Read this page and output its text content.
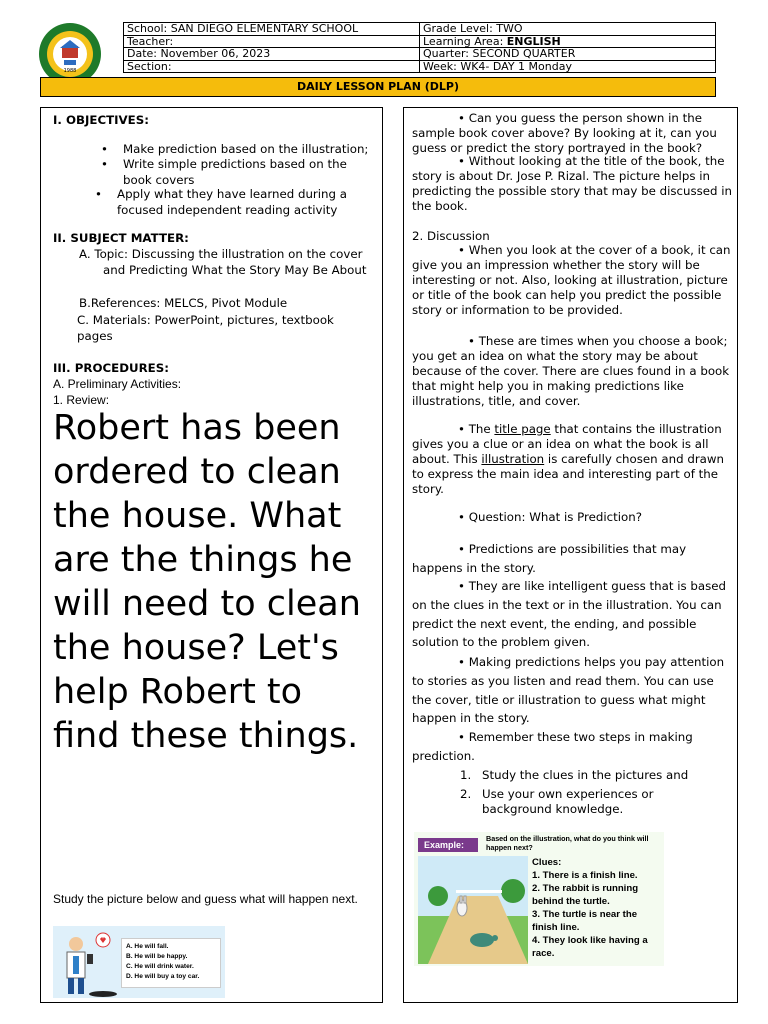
1988
School: SAN DIEGO ELEMENTARY SCHOOL	Grade Level: TWO
Teacher:	Learning Area: ENGLISH
Date: November 06, 2023	Quarter: SECOND QUARTER
Section:	Week: WK4- DAY 1 Monday
DAILY LESSON PLAN (DLP)
I. OBJECTIVES:
• Make prediction based on the illustration;
• Write simple predictions based on the book covers
• Apply what they have learned during a focused independent reading activity
II. SUBJECT MATTER:
A. Topic: Discussing the illustration on the cover and Predicting What the Story May Be About
B.References: MELCS, Pivot Module
C. Materials: PowerPoint, pictures, textbook pages
III. PROCEDURES:
A. Preliminary Activities:
1. Review:
Robert has been ordered to clean the house. What are the things he will need to clean the house? Let's help Robert to find these things.
Study the picture below and guess what will happen next.
A. He will fall.
B. He will be happy.
C. He will drink water.
D. He will buy a toy car.
• Can you guess the person shown in the sample book cover above? By looking at it, can you guess or predict the story portrayed in the book?
• Without looking at the title of the book, the story is about Dr. Jose P. Rizal. The picture helps in predicting the possible story that may be discussed in the book.
2. Discussion
• When you look at the cover of a book, it can give you an impression whether the story will be interesting or not. Also, looking at illustration, picture or title of the book can help you predict the possible story or information to be provided.
• These are times when you choose a book; you get an idea on what the story may be about because of the cover. There are clues found in a book that might help you in making predictions like illustrations, title, and cover.
• The title page that contains the illustration gives you a clue or an idea on what the book is all about. This illustration is carefully chosen and drawn to express the main idea and interesting part of the story.
• Question: What is Prediction?
• Predictions are possibilities that may happens in the story.
• They are like intelligent guess that is based on the clues in the text or in the illustration. You can predict the next event, the ending, and possible solution to the problem given.
• Making predictions helps you pay attention to stories as you listen and read them. You can use the cover, title or illustration to guess what might happen in the story.
• Remember these two steps in making prediction.
1. Study the clues in the pictures and
2. Use your own experiences or background knowledge.
Example:
Based on the illustration, what do you think will happen next?
Clues:
1. There is a finish line.
2. The rabbit is running behind the turtle.
3. The turtle is near the finish line.
4. They look like having a race.
